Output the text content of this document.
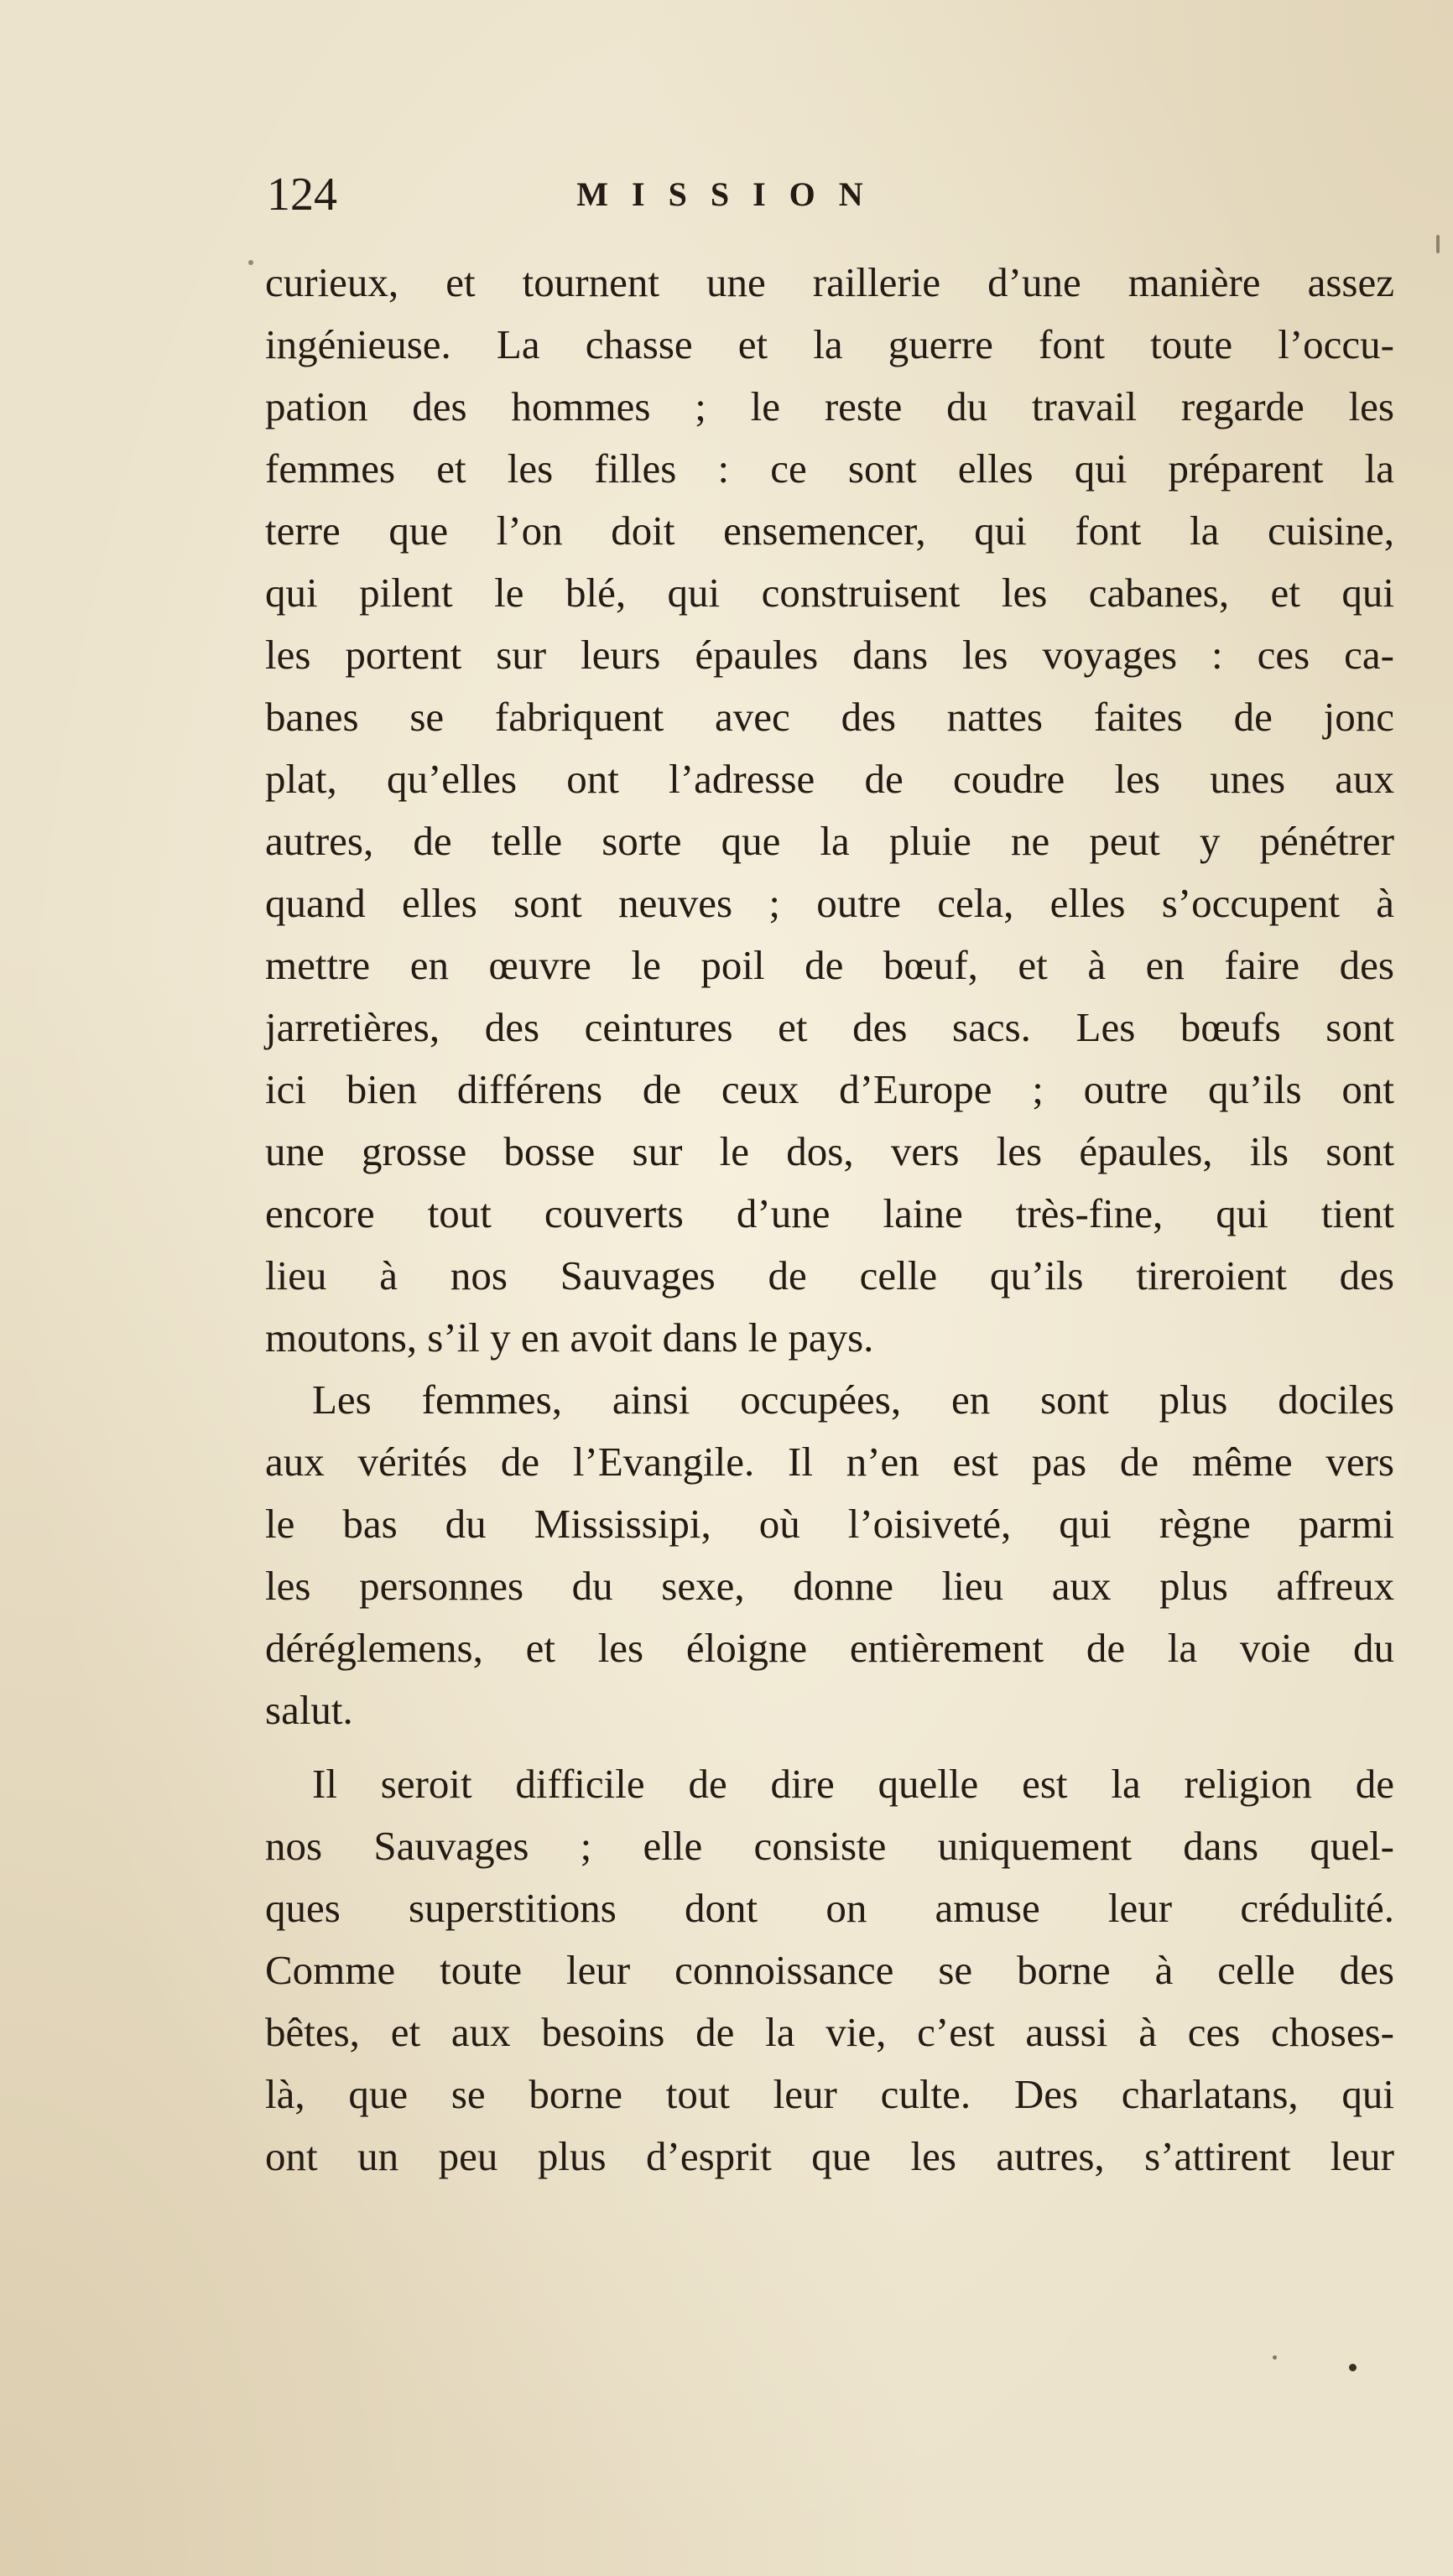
124	MISSION
curieux, et tournent une raillerie d’une manière assez
ingénieuse. La chasse et la guerre font toute l’occu-
pation des hommes ; le reste du travail regarde les
femmes et les filles : ce sont elles qui préparent la
terre que l’on doit ensemencer, qui font la cuisine,
qui pilent le blé, qui construisent les cabanes, et qui
les portent sur leurs épaules dans les voyages : ces ca-
banes se fabriquent avec des nattes faites de jonc
plat, qu’elles ont l’adresse de coudre les unes aux
autres, de telle sorte que la pluie ne peut y pénétrer
quand elles sont neuves ; outre cela, elles s’occupent à
mettre en œuvre le poil de bœuf, et à en faire des
jarretières, des ceintures et des sacs. Les bœufs sont
ici bien différens de ceux d’Europe ; outre qu’ils ont
une grosse bosse sur le dos, vers les épaules, ils sont
encore tout couverts d’une laine très-fine, qui tient
lieu à nos Sauvages de celle qu’ils tireroient des
moutons, s’il y en avoit dans le pays.
Les femmes, ainsi occupées, en sont plus dociles
aux vérités de l’Evangile. Il n’en est pas de même vers
le bas du Mississipi, où l’oisiveté, qui règne parmi
les personnes du sexe, donne lieu aux plus affreux
déréglemens, et les éloigne entièrement de la voie du
salut.
Il seroit difficile de dire quelle est la religion de
nos Sauvages ; elle consiste uniquement dans quel-
ques superstitions dont on amuse leur crédulité.
Comme toute leur connoissance se borne à celle des
bêtes, et aux besoins de la vie, c’est aussi à ces choses-
là, que se borne tout leur culte. Des charlatans, qui
ont un peu plus d’esprit que les autres, s’attirent leur
